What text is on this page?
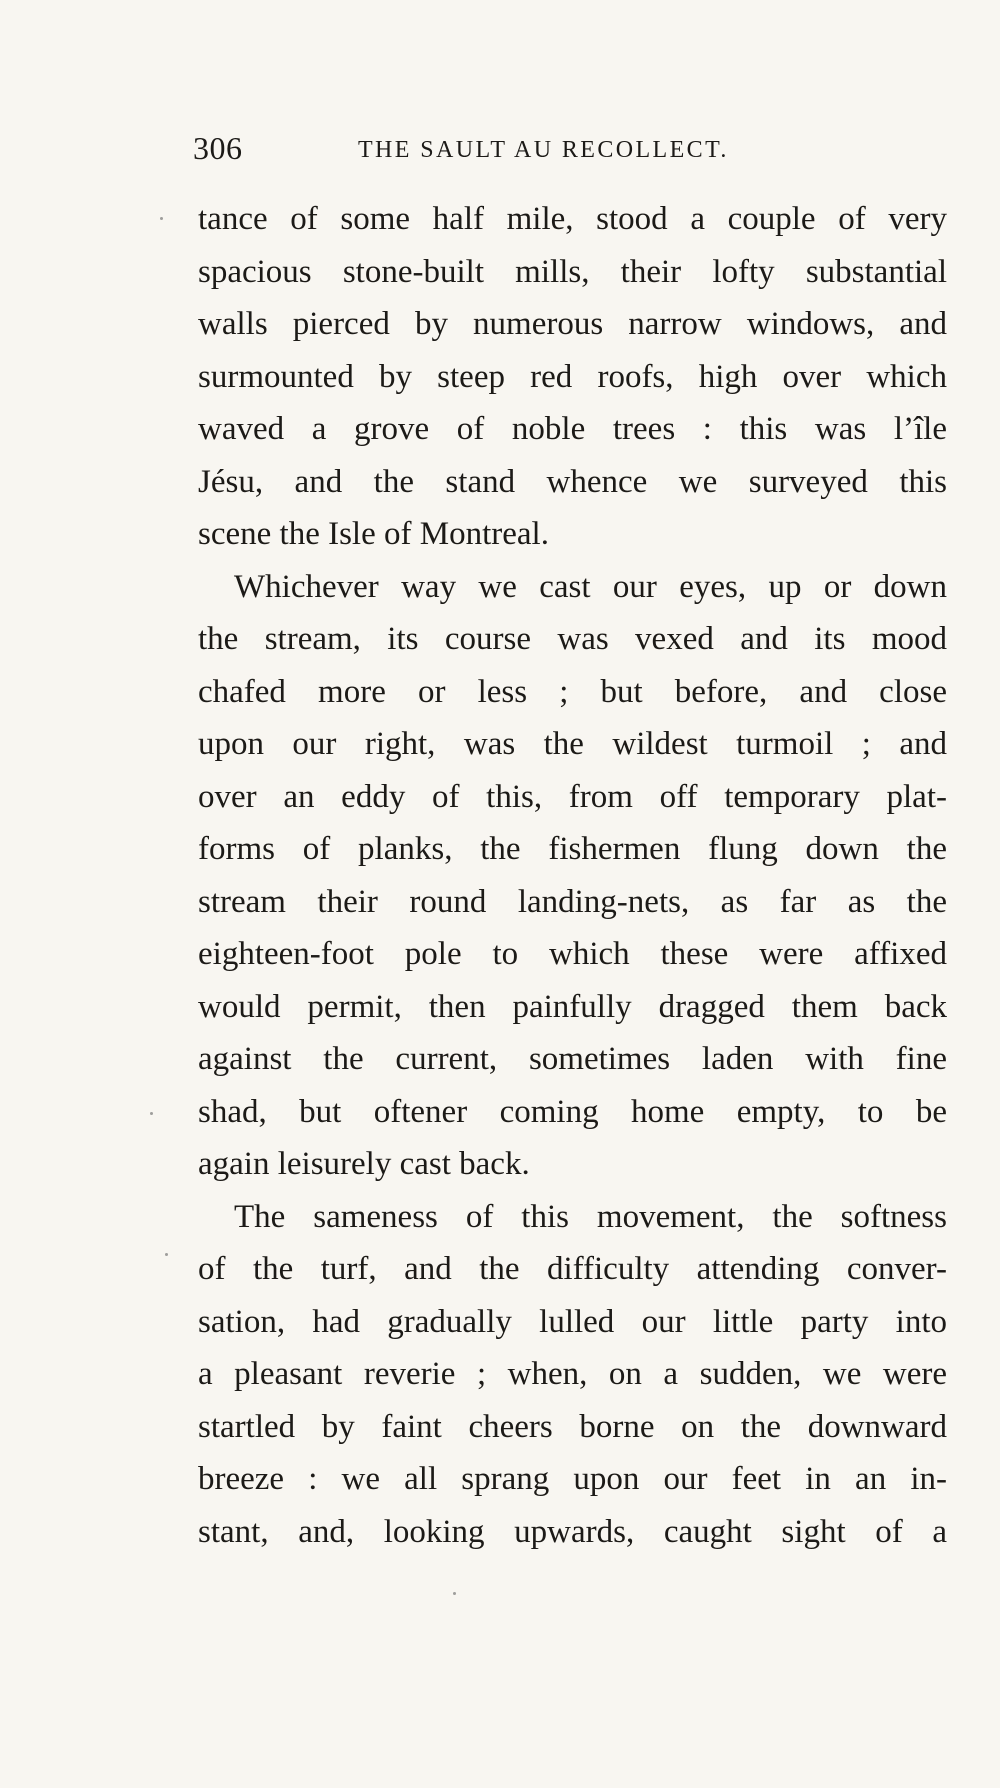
306	THE SAULT AU RECOLLECT.
tance of some half mile, stood a couple of very
spacious stone-built mills, their lofty substantial
walls pierced by numerous narrow windows, and
surmounted by steep red roofs, high over which
waved a grove of noble trees : this was l’île
Jésu, and the stand whence we surveyed this
scene the Isle of Montreal.
Whichever way we cast our eyes, up or down
the stream, its course was vexed and its mood
chafed more or less ; but before, and close
upon our right, was the wildest turmoil ; and
over an eddy of this, from off temporary plat-
forms of planks, the fishermen flung down the
stream their round landing-nets, as far as the
eighteen-foot pole to which these were affixed
would permit, then painfully dragged them back
against the current, sometimes laden with fine
shad, but oftener coming home empty, to be
again leisurely cast back.
The sameness of this movement, the softness
of the turf, and the difficulty attending conver-
sation, had gradually lulled our little party into
a pleasant reverie ; when, on a sudden, we were
startled by faint cheers borne on the downward
breeze : we all sprang upon our feet in an in-
stant, and, looking upwards, caught sight of a
